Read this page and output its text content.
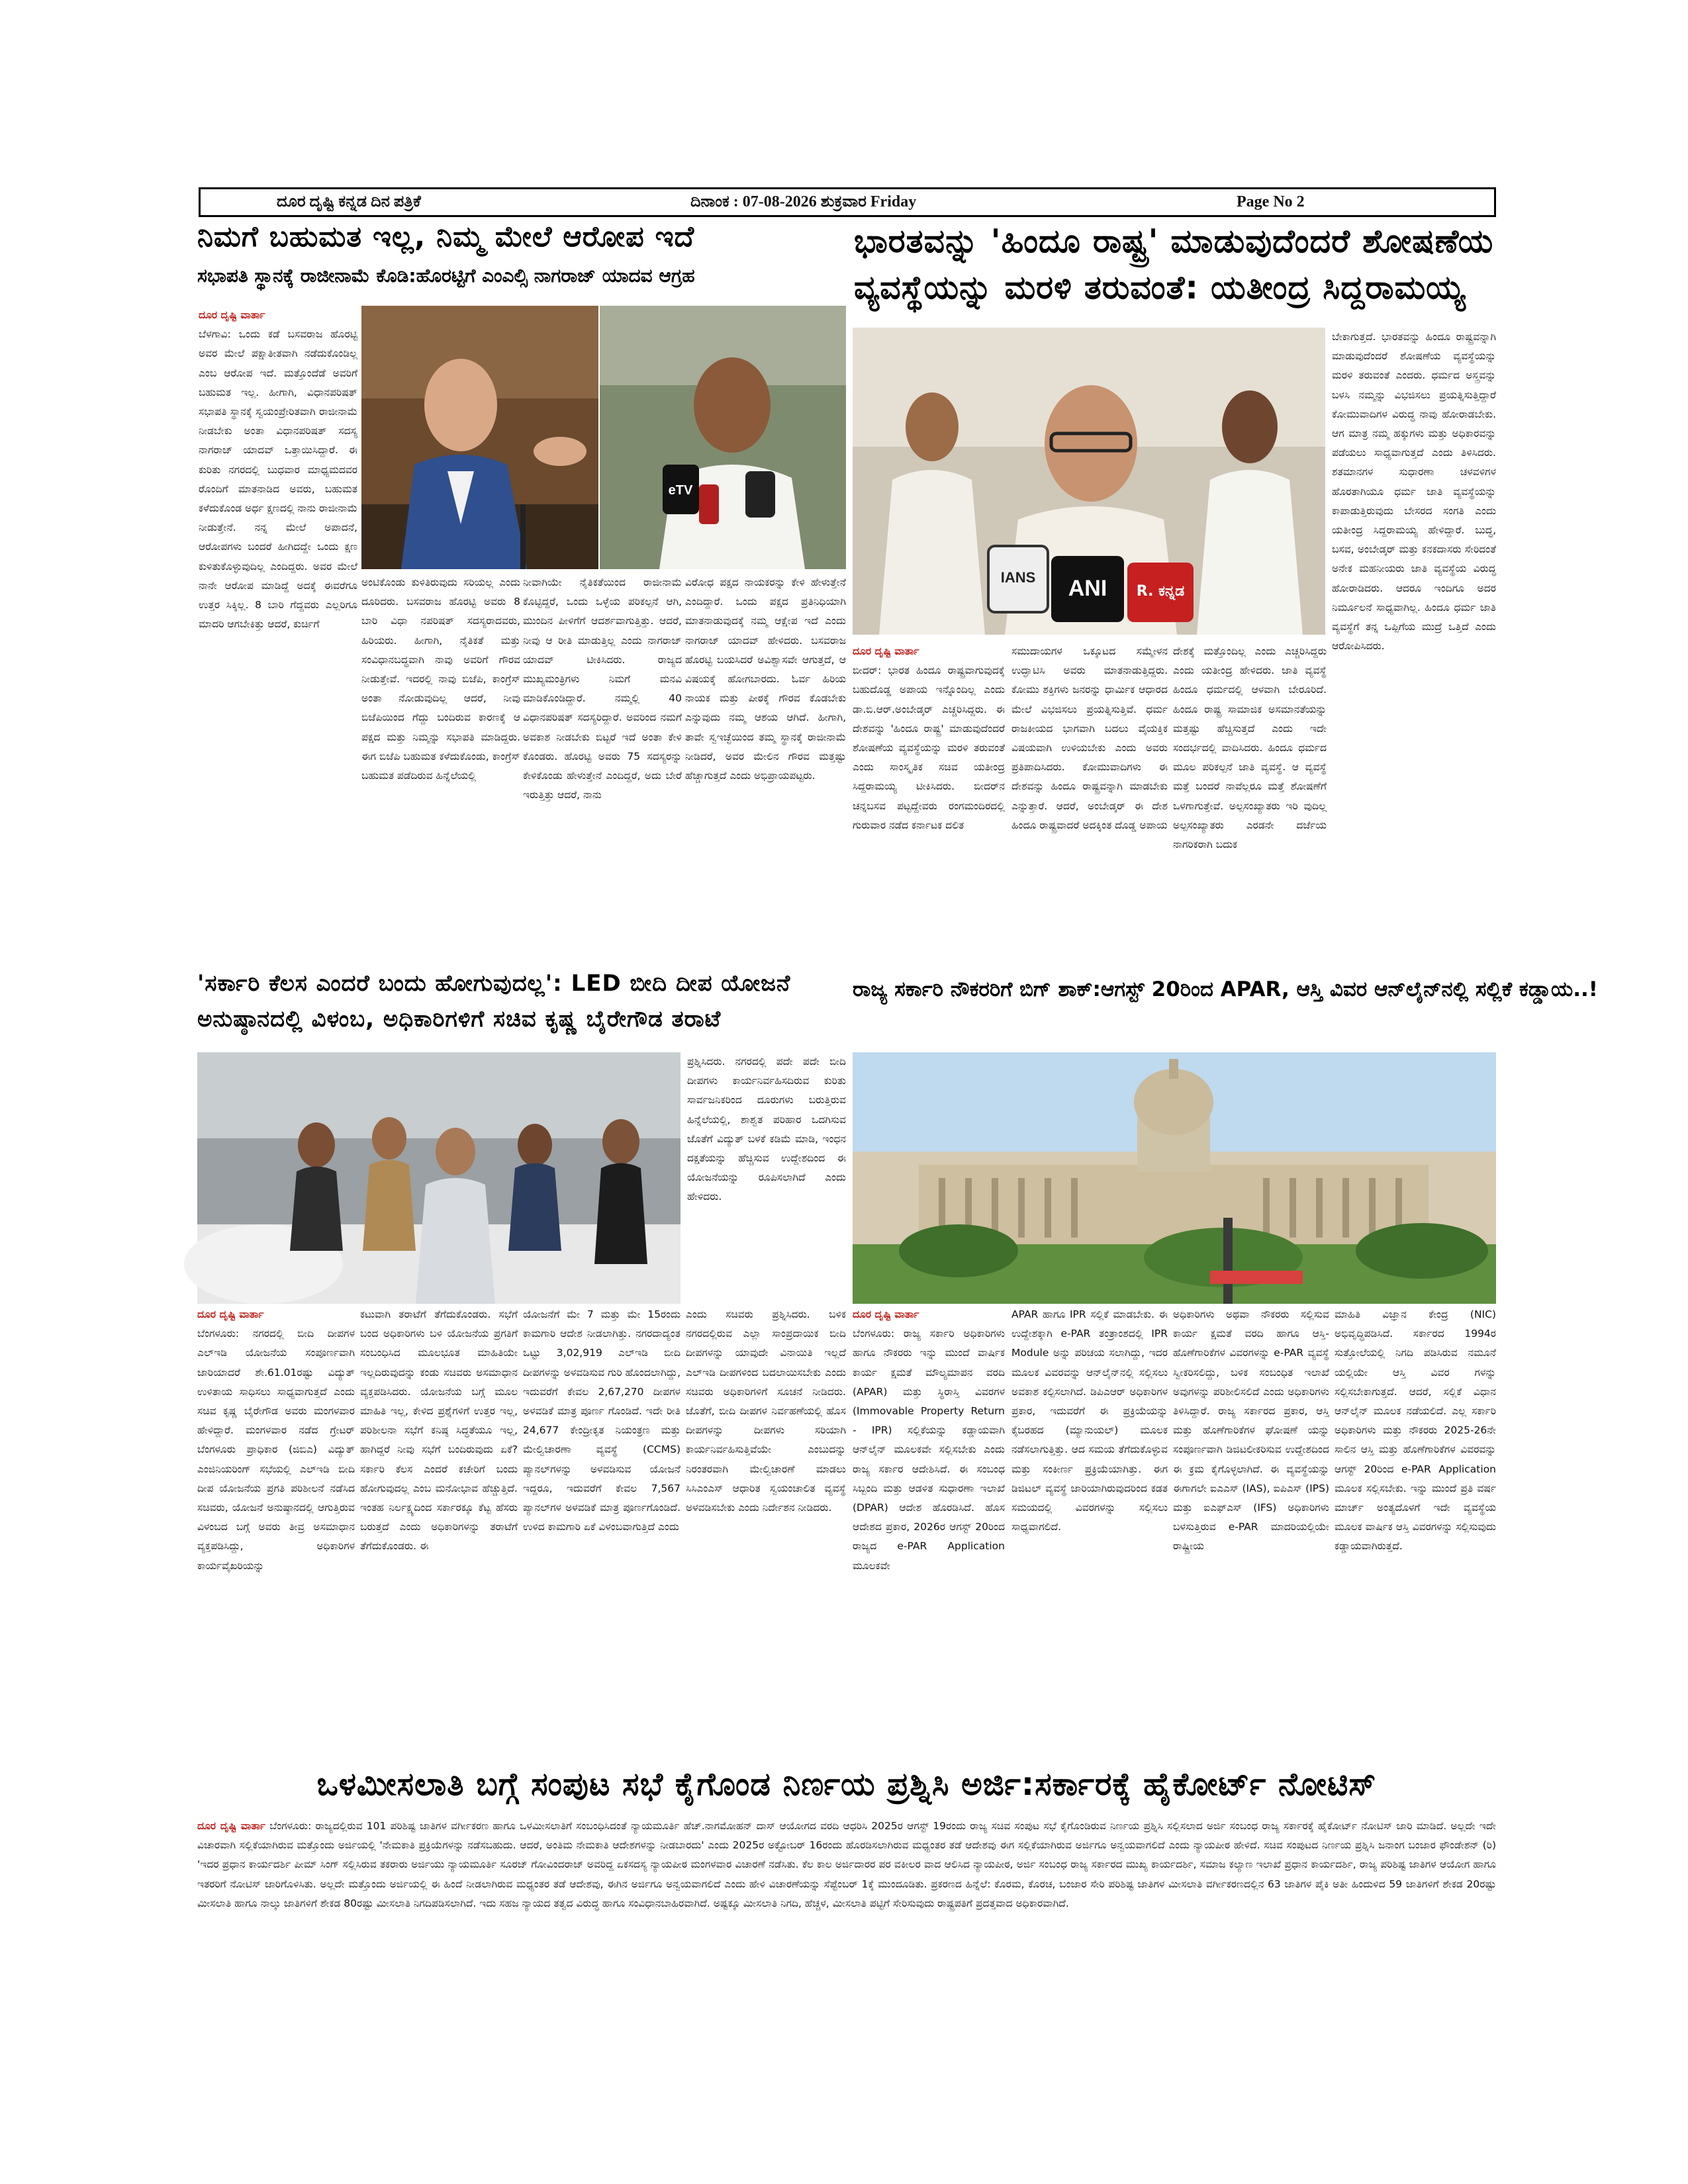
ದೂರ ದೃಷ್ಟಿ ಕನ್ನಡ ದಿನ ಪತ್ರಿಕೆ	ದಿನಾಂಕ : 07-08-2026 ಶುಕ್ರವಾರ Friday	Page No 2
ನಿಮಗೆ ಬಹುಮತ ಇಲ್ಲ, ನಿಮ್ಮ ಮೇಲೆ ಆರೋಪ ಇದೆ
ಸಭಾಪತಿ ಸ್ಥಾನಕ್ಕೆ ರಾಜೀನಾಮೆ ಕೊಡಿ:ಹೊರಟ್ಟಿಗೆ ಎಂಎಲ್ಸಿ ನಾಗರಾಜ್ ಯಾದವ ಆಗ್ರಹ
ದೂರ ದೃಷ್ಟಿ ವಾರ್ತಾ
ಬೆಳಗಾವಿ: ಒಂದು ಕಡೆ ಬಸವರಾಜ ಹೊರಟ್ಟಿ ಅವರ ಮೇಲೆ ಪಕ್ಷಾತೀತವಾಗಿ ನಡೆದುಕೊಂಡಿಲ್ಲ ಎಂಬ ಆರೋಪ ಇದೆ. ಮತ್ತೊಂದೆಡೆ ಅವರಿಗೆ ಬಹುಮತ ಇಲ್ಲ. ಹೀಗಾಗಿ, ವಿಧಾನಪರಿಷತ್ ಸಭಾಪತಿ ಸ್ಥಾನಕ್ಕೆ ಸ್ವಯಂಪ್ರೇರಿತವಾಗಿ ರಾಜೀನಾಮೆ ನೀಡಬೇಕು ಅಂತಾ ವಿಧಾನಪರಿಷತ್ ಸದಸ್ಯ ನಾಗರಾಜ್ ಯಾದವ್ ಒತ್ತಾಯಿಸಿದ್ದಾರೆ. ಈ ಕುರಿತು ನಗರದಲ್ಲಿ ಬುಧವಾರ ಮಾಧ್ಯಮದವರ ರೊಂದಿಗೆ ಮಾತನಾಡಿದ ಅವರು, ಬಹುಮತ ಕಳೆದುಕೊಂಡ ಅರ್ಧ ಕ್ಷಣದಲ್ಲಿ ನಾನು ರಾಜೀನಾಮೆ ನೀಡುತ್ತೇನೆ. ನನ್ನ ಮೇಲೆ ಅಪಾದನೆ, ಆರೋಪಗಳು ಬಂದರೆ ಹೀಗಿದದ್ದೇ ಒಂದು ಕ್ಷಣ ಕುಳಿತುಕೊಳ್ಳುವುದಿಲ್ಲ ಎಂದಿದ್ದರು. ಅವರ ಮೇಲೆ ನಾನೇ ಆರೋಪ ಮಾಡಿದ್ದೆ ಅದಕ್ಕೆ ಈವರೆಗೂ ಉತ್ತರ ಸಿಕ್ಕಿಲ್ಲ. 8 ಬಾರಿ ಗೆದ್ದವರು ಎಲ್ಲರಿಗೂ ಮಾದರಿ ಆಗಬೇಕಿತ್ತು ಆದರೆ, ಕುರ್ಚಿಗೆ
eTV
ಅಂಟಿಕೊಂಡು ಕುಳಿತಿರುವುದು ಸರಿಯಲ್ಲ ಎಂದು ದೂರಿದರು. ಬಸವರಾಜ ಹೊರಟ್ಟಿ ಅವರು 8 ಬಾರಿ ವಿಧಾ ನಪರಿಷತ್ ಸದಸ್ಯರಾದವರು, ಹಿರಿಯರು. ಹೀಗಾಗಿ, ನೈತಿಕತೆ ಮತ್ತು ಸಂವಿಧಾನಬದ್ಧವಾಗಿ ನಾವು ಅವರಿಗೆ ಗೌರವ ನೀಡುತ್ತೇವೆ. ಇದರಲ್ಲಿ ನಾವು ಬಿಜೆಪಿ, ಕಾಂಗ್ರೆಸ್ ಅಂತಾ ನೋಡುವುದಿಲ್ಲ ಆದರೆ, ನೀವು ಬಿಜೆಪಿಯಿಂದ ಗೆದ್ದು ಬಂದಿರುವ ಕಾರಣಕ್ಕೆ ಆ ಪಕ್ಷದ ಮತ್ತು ನಿಮ್ಮನ್ನು ಸಭಾಪತಿ ಮಾಡಿದ್ದರು. ಈಗ ಬಿಜೆಪಿ ಬಹುಮತ ಕಳೆದುಕೊಂಡು, ಕಾಂಗ್ರೆಸ್ ಬಹುಮತ ಪಡೆದಿರುವ ಹಿನ್ನೆಲೆಯಲ್ಲಿ
ನೀವಾಗಿಯೇ ನೈತಿಕತೆಯಿಂದ ರಾಜೀನಾಮೆ ಕೊಟ್ಟಿದ್ದರೆ, ಒಂದು ಒಳ್ಳೆಯ ಪರಿಕಲ್ಪನೆ ಆಗಿ, ಮುಂದಿನ ಪೀಳಿಗೆಗೆ ಆದರ್ಶವಾಗುತ್ತಿತ್ತು. ಆದರೆ, ನೀವು ಆ ರೀತಿ ಮಾಡುತ್ತಿಲ್ಲ ಎಂದು ನಾಗರಾಜ್ ಯಾದವ್ ಟೀಕಿಸಿದರು. ರಾಜ್ಯದ ಮುಖ್ಯಮಂತ್ರಿಗಳು ನಿಮಗೆ ಮನವಿ ಮಾಡಿಕೊಂಡಿದ್ದಾರೆ. ನಮ್ಮಲ್ಲಿ 40 ವಿಧಾನಪರಿಷತ್ ಸದಸ್ಯರಿದ್ದಾರೆ. ಅವರಿಂದ ನಮಗೆ ಅವಕಾಶ ನೀಡಬೇಕು ಬಿಟ್ಟರೆ ಇದೆ ಅಂತಾ ಕೇಳಿ ಕೊಂಡರು. ಹೊರಟ್ಟಿ ಅವರು 75 ಸದಸ್ಯರನ್ನು ಕೇಳಿಕೊಂಡು ಹೇಳುತ್ತೇನೆ ಎಂದಿದ್ದರೆ, ಅದು ಬೇರೆ ಇರುತ್ತಿತ್ತು ಆದರೆ, ನಾನು
ವಿರೋಧ ಪಕ್ಷದ ನಾಯಕರನ್ನು ಕೇಳಿ ಹೇಳುತ್ತೇನೆ ಎಂದಿದ್ದಾರೆ. ಒಂದು ಪಕ್ಷದ ಪ್ರತಿನಿಧಿಯಾಗಿ ಮಾತನಾಡುವುದಕ್ಕೆ ನಮ್ಮ ಆಕ್ಷೇಪ ಇದೆ ಎಂದು ನಾಗರಾಜ್ ಯಾದವ್ ಹೇಳಿದರು. ಬಸವರಾಜ ಹೊರಟ್ಟಿ ಬಯಸಿದರೆ ಅವಿಶ್ವಾಸವೇ ಆಗುತ್ತದೆ, ಆ ವಿಷಯಕ್ಕೆ ಹೋಗಬಾರದು. ಓರ್ವ ಹಿರಿಯ ನಾಯಕ ಮತ್ತು ಪೀಠಕ್ಕೆ ಗೌರವ ಕೊಡಬೇಕು ಎನ್ನುವುದು ನಮ್ಮ ಆಶಯ ಆಗಿದೆ. ಹೀಗಾಗಿ, ತಾವೇ ಸ್ವಇಚ್ಛೆಯಿಂದ ತಮ್ಮ ಸ್ಥಾನಕ್ಕೆ ರಾಜೀನಾಮೆ ನೀಡಿದರೆ, ಅವರ ಮೇಲಿನ ಗೌರವ ಮತ್ತಷ್ಟು ಹೆಚ್ಚಾಗುತ್ತದೆ ಎಂದು ಅಭಿಪ್ರಾಯಪಟ್ಟರು.
ಭಾರತವನ್ನು 'ಹಿಂದೂ ರಾಷ್ಟ್ರ' ಮಾಡುವುದೆಂದರೆ ಶೋಷಣೆಯ
ವ್ಯವಸ್ಥೆಯನ್ನು ಮರಳಿ ತರುವಂತೆ: ಯತೀಂದ್ರ ಸಿದ್ದರಾಮಯ್ಯ
IANS ANI R. ಕನ್ನಡ
ಬೇಕಾಗುತ್ತದೆ. ಭಾರತವನ್ನು ಹಿಂದೂ ರಾಷ್ಟ್ರವನ್ನಾಗಿ ಮಾಡುವುದೆಂದರೆ ಶೋಷಣೆಯ ವ್ಯವಸ್ಥೆಯನ್ನು ಮರಳಿ ತರುವಂತೆ ಎಂದರು. ಧರ್ಮದ ಅಸ್ತ್ರವನ್ನು ಬಳಸಿ ನಮ್ಮನ್ನು ವಿಭಜಿಸಲು ಪ್ರಯತ್ನಿಸುತ್ತಿದ್ದಾರೆ ಕೋಮುವಾದಿಗಳ ವಿರುದ್ಧ ನಾವು ಹೋರಾಡಬೇಕು. ಆಗ ಮಾತ್ರ ನಮ್ಮ ಹಕ್ಕುಗಳು ಮತ್ತು ಅಧಿಕಾರವನ್ನು ಪಡೆಯಲು ಸಾಧ್ಯವಾಗುತ್ತದೆ ಎಂದು ತಿಳಿಸಿದರು. ಶತಮಾನಗಳ ಸುಧಾರಣಾ ಚಳವಳಿಗಳ ಹೊರತಾಗಿಯೂ ಧರ್ಮ ಜಾತಿ ವ್ಯವಸ್ಥೆಯನ್ನು ಕಾಪಾಡುತ್ತಿರುವುದು ಬೇಸರದ ಸಂಗತಿ ಎಂದು ಯತೀಂದ್ರ ಸಿದ್ದರಾಮಯ್ಯ ಹೇಳಿದ್ದಾರೆ. ಬುದ್ಧ, ಬಸವ, ಅಂಬೇಡ್ಕರ್ ಮತ್ತು ಕನಕದಾಸರು ಸೇರಿದಂತೆ ಅನೇಕ ಮಹನೀಯರು ಜಾತಿ ವ್ಯವಸ್ಥೆಯ ವಿರುದ್ಧ ಹೋರಾಡಿದರು. ಆದರೂ ಇಂದಿಗೂ ಅದರ ನಿರ್ಮೂಲನೆ ಸಾಧ್ಯವಾಗಿಲ್ಲ. ಹಿಂದೂ ಧರ್ಮ ಜಾತಿ ವ್ಯವಸ್ಥೆಗೆ ತನ್ನ ಒಪ್ಪಿಗೆಯ ಮುದ್ರೆ ಒತ್ತಿದೆ ಎಂದು ಆರೋಪಿಸಿದರು.
ದೂರ ದೃಷ್ಟಿ ವಾರ್ತಾ
ಬೀದರ್: ಭಾರತ ಹಿಂದೂ ರಾಷ್ಟ್ರವಾಗುವುದಕ್ಕೆ ಬಹುದೊಡ್ಡ ಅಪಾಯ ಇನ್ನೊಂದಿಲ್ಲ ಎಂದು ಡಾ.ಬಿ.ಆರ್.ಅಂಬೇಡ್ಕರ್ ಎಚ್ಚರಿಸಿದ್ದರು. ಈ ದೇಶವನ್ನು 'ಹಿಂದೂ ರಾಷ್ಟ್ರ' ಮಾಡುವುದೆಂದರೆ ಶೋಷಣೆಯ ವ್ಯವಸ್ಥೆಯನ್ನು ಮರಳಿ ತರುವಂತೆ ಎಂದು ಸಾಂಸ್ಕೃತಿಕ ಸಚಿವ ಯತೀಂದ್ರ ಸಿದ್ದರಾಮಯ್ಯ ಟೀಕಿಸಿದರು. ಬೀದರ್‌ನ ಚನ್ನಬಸವ ಪಟ್ಟದ್ದೇವರು ರಂಗಮಂದಿರದಲ್ಲಿ ಗುರುವಾರ ನಡೆದ ಕರ್ನಾಟಕ ದಲಿತ
ಸಮುದಾಯಗಳ ಒಕ್ಕೂಟದ ಸಮ್ಮೇಳನ ಉದ್ಘಾಟಿಸಿ ಅವರು ಮಾತನಾಡುತ್ತಿದ್ದರು. ಕೋಮು ಶಕ್ತಿಗಳು ಜನರನ್ನು ಧಾರ್ಮಿಕ ಆಧಾರದ ಮೇಲೆ ವಿಭಜಿಸಲು ಪ್ರಯತ್ನಿಸುತ್ತಿವೆ. ಧರ್ಮ ರಾಜಕೀಯದ ಭಾಗವಾಗಿ ಬದಲು ವೈಯಕ್ತಿಕ ವಿಷಯವಾಗಿ ಉಳಿಯಬೇಕು ಎಂದು ಅವರು ಪ್ರತಿಪಾದಿಸಿದರು. ಕೋಮುವಾದಿಗಳು ಈ ದೇಶವನ್ನು ಹಿಂದೂ ರಾಷ್ಟ್ರವನ್ನಾಗಿ ಮಾಡಬೇಕು ಎನ್ನುತ್ತಾರೆ. ಆದರೆ, ಅಂಬೇಡ್ಕರ್ ಈ ದೇಶ ಹಿಂದೂ ರಾಷ್ಟ್ರವಾದರೆ ಅದಕ್ಕಿಂತ ದೊಡ್ಡ ಅಪಾಯ
ದೇಶಕ್ಕೆ ಮತ್ತೊಂದಿಲ್ಲ ಎಂದು ಎಚ್ಚರಿಸಿದ್ದರು ಎಂದು ಯತೀಂದ್ರ ಹೇಳಿದರು. ಜಾತಿ ವ್ಯವಸ್ಥೆ ಹಿಂದೂ ಧರ್ಮದಲ್ಲಿ ಆಳವಾಗಿ ಬೇರೂರಿದೆ. ಹಿಂದೂ ರಾಷ್ಟ್ರ ಸಾಮಾಜಿಕ ಅಸಮಾನತೆಯನ್ನು ಮತ್ತಷ್ಟು ಹೆಚ್ಚಿಸುತ್ತದೆ ಎಂದು ಇದೇ ಸಂದರ್ಭದಲ್ಲಿ ವಾದಿಸಿದರು. ಹಿಂದೂ ಧರ್ಮದ ಮೂಲ ಪರಿಕಲ್ಪನೆ ಜಾತಿ ವ್ಯವಸ್ಥೆ. ಆ ವ್ಯವಸ್ಥೆ ಮತ್ತೆ ಬಂದರೆ ನಾವೆಲ್ಲರೂ ಮತ್ತೆ ಶೋಷಣೆಗೆ ಒಳಗಾಗುತ್ತೇವೆ. ಅಲ್ಪಸಂಖ್ಯಾತರು ಇರಿ ವುದಿಲ್ಲ ಅಲ್ಪಸಂಖ್ಯಾತರು ಎರಡನೇ ದರ್ಜೆಯ ನಾಗರಿಕರಾಗಿ ಬದುಕ
'ಸರ್ಕಾರಿ ಕೆಲಸ ಎಂದರೆ ಬಂದು ಹೋಗುವುದಲ್ಲ': LED ಬೀದಿ ದೀಪ ಯೋಜನೆ
ಅನುಷ್ಠಾನದಲ್ಲಿ ವಿಳಂಬ, ಅಧಿಕಾರಿಗಳಿಗೆ ಸಚಿವ ಕೃಷ್ಣ ಬೈರೇಗೌಡ ತರಾಟೆ
ಪ್ರಶ್ನಿಸಿದರು. ನಗರದಲ್ಲಿ ಪದೇ ಪದೇ ಬೀದಿ ದೀಪಗಳು ಕಾರ್ಯನಿರ್ವಹಿಸದಿರುವ ಕುರಿತು ಸಾರ್ವಜನಿಕರಿಂದ ದೂರುಗಳು ಬರುತ್ತಿರುವ ಹಿನ್ನೆಲೆಯಲ್ಲಿ, ಶಾಶ್ವತ ಪರಿಹಾರ ಒದಗಿಸುವ ಜೊತೆಗೆ ವಿದ್ಯುತ್ ಬಳಕೆ ಕಡಿಮೆ ಮಾಡಿ, ಇಂಧನ ದಕ್ಷತೆಯನ್ನು ಹೆಚ್ಚಿಸುವ ಉದ್ದೇಶದಿಂದ ಈ ಯೋಜನೆಯನ್ನು ರೂಪಿಸಲಾಗಿದೆ ಎಂದು ಹೇಳಿದರು.
ದೂರ ದೃಷ್ಟಿ ವಾರ್ತಾ
ಬೆಂಗಳೂರು: ನಗರದಲ್ಲಿ ಬೀದಿ ದೀಪಗಳ ಎಲ್‌ಇಡಿ ಯೋಜನೆಯ ಸಂಪೂರ್ಣವಾಗಿ ಜಾರಿಯಾದರೆ ಶೇ.61.01ರಷ್ಟು ವಿದ್ಯುತ್ ಉಳಿತಾಯ ಸಾಧಿಸಲು ಸಾಧ್ಯವಾಗುತ್ತದೆ ಎಂದು ಸಚಿವ ಕೃಷ್ಣ ಬೈರೇಗೌಡ ಅವರು ಮಂಗಳವಾರ ಹೇಳಿದ್ದಾರೆ. ಮಂಗಳವಾರ ನಡೆದ ಗ್ರೇಟರ್ ಬೆಂಗಳೂರು ಪ್ರಾಧಿಕಾರ (ಜಿಬಿಎ) ವಿದ್ಯುತ್ ಎಂಜಿನಿಯರಿಂಗ್ ಸಭೆಯಲ್ಲಿ ಎಲ್‌ಇಡಿ ಬೀದಿ ದೀಪ ಯೋಜನೆಯ ಪ್ರಗತಿ ಪರಿಶೀಲನೆ ನಡೆಸಿದ ಸಚಿವರು, ಯೋಜನೆ ಅನುಷ್ಠಾನದಲ್ಲಿ ಆಗುತ್ತಿರುವ ವಿಳಂಬದ ಬಗ್ಗೆ ಅವರು ತೀವ್ರ ಅಸಮಾಧಾನ ವ್ಯಕ್ತಪಡಿಸಿದ್ದು, ಅಧಿಕಾರಿಗಳ ಕಾರ್ಯವೈಖರಿಯನ್ನು
ಕಟುವಾಗಿ ತರಾಟೆಗೆ ತೆಗೆದುಕೊಂಡರು. ಸಭೆಗೆ ಬಂದ ಅಧಿಕಾರಿಗಳು ಬಳಿ ಯೋಜನೆಯ ಪ್ರಗತಿಗೆ ಸಂಬಂಧಿಸಿದ ಮೂಲಭೂತ ಮಾಹಿತಿಯೇ ಇಲ್ಲದಿರುವುದನ್ನು ಕಂಡು ಸಚಿವರು ಅಸಮಾಧಾನ ವ್ಯಕ್ತಪಡಿಸಿದರು. ಯೋಜನೆಯ ಬಗ್ಗೆ ಮೂಲ ಮಾಹಿತಿ ಇಲ್ಲ, ಕೇಳಿದ ಪ್ರಶ್ನೆಗಳಿಗೆ ಉತ್ತರ ಇಲ್ಲ, ಪರಿಶೀಲನಾ ಸಭೆಗೆ ಕನಿಷ್ಠ ಸಿದ್ಧತೆಯೂ ಇಲ್ಲ, ಹಾಗಿದ್ದರೆ ನೀವು ಸಭೆಗೆ ಬಂದಿರುವುದು ಏಕೆ? ಸರ್ಕಾರಿ ಕೆಲಸ ಎಂದರೆ ಕಚೇರಿಗೆ ಬಂದು ಹೋಗುವುದಲ್ಲ ಎಂಬ ಮನೋಭಾವ ಹೆಚ್ಚುತ್ತಿದೆ. ಇಂತಹ ನಿರ್ಲಕ್ಷ್ಯದಿಂದ ಸರ್ಕಾರಕ್ಕೂ ಕೆಟ್ಟ ಹೆಸರು ಬರುತ್ತದೆ ಎಂದು ಅಧಿಕಾರಿಗಳನ್ನು ತರಾಟೆಗೆ ತೆಗೆದುಕೊಂಡರು. ಈ
ಯೋಜನೆಗೆ ಮೇ 7 ಮತ್ತು ಮೇ 15ರಂದು ಕಾಮಗಾರಿ ಆದೇಶ ನೀಡಲಾಗಿತ್ತು. ನಗರದಾದ್ಯಂತ ಒಟ್ಟು 3,02,919 ಎಲ್‌ಇಡಿ ಬೀದಿ ದೀಪಗಳನ್ನು ಅಳವಡಿಸುವ ಗುರಿ ಹೊಂದಲಾಗಿದ್ದು, ಇದುವರೆಗೆ ಕೇವಲ 2,67,270 ದೀಪಗಳ ಅಳವಡಿಕೆ ಮಾತ್ರ ಪೂರ್ಣ ಗೊಂಡಿದೆ. ಇದೇ ರೀತಿ 24,677 ಕೇಂದ್ರೀಕೃತ ನಿಯಂತ್ರಣ ಮತ್ತು ಮೇಲ್ವಿಚಾರಣಾ ವ್ಯವಸ್ಥೆ (CCMS) ಪ್ಯಾನಲ್‌ಗಳನ್ನು ಅಳವಡಿಸುವ ಯೋಜನೆ ಇದ್ದರೂ, ಇದುವರೆಗೆ ಕೇವಲ 7,567 ಪ್ಯಾನಲ್‌ಗಳ ಅಳವಡಿಕೆ ಮಾತ್ರ ಪೂರ್ಣಗೊಂಡಿದೆ. ಉಳಿದ ಕಾಮಗಾರಿ ಏಕೆ ವಿಳಂಬವಾಗುತ್ತಿದೆ ಎಂದು
ಎಂದು ಸಚಿವರು ಪ್ರಶ್ನಿಸಿದರು. ಬಳಿಕ ನಗರದಲ್ಲಿರುವ ಎಲ್ಲಾ ಸಾಂಪ್ರದಾಯಿಕ ಬೀದಿ ದೀಪಗಳನ್ನು ಯಾವುದೇ ವಿನಾಯಿತಿ ಇಲ್ಲದೆ ಎಲ್‌ಇಡಿ ದೀಪಗಳಿಂದ ಬದಲಾಯಿಸಬೇಕು ಎಂದು ಸಚಿವರು ಅಧಿಕಾರಿಗಳಿಗೆ ಸೂಚನೆ ನೀಡಿದರು. ಜೊತೆಗೆ, ಬೀದಿ ದೀಪಗಳ ನಿರ್ವಹಣೆಯಲ್ಲಿ ಹೊಸ ದೀಪಗಳನ್ನು ದೀಪಗಳು ಸರಿಯಾಗಿ ಕಾರ್ಯನಿರ್ವಹಿಸುತ್ತಿವೆಯೇ ಎಂಬುದನ್ನು ನಿರಂತರವಾಗಿ ಮೇಲ್ವಿಚಾರಣೆ ಮಾಡಲು ಸಿಸಿಎಂಎಸ್ ಆಧಾರಿತ ಸ್ವಯಂಚಾಲಿತ ವ್ಯವಸ್ಥೆ ಅಳವಡಿಸಬೇಕು ಎಂದು ನಿರ್ದೇಶನ ನೀಡಿದರು.
ರಾಜ್ಯ ಸರ್ಕಾರಿ ನೌಕರರಿಗೆ ಬಿಗ್ ಶಾಕ್:ಆಗಸ್ಟ್ 20ರಿಂದ APAR, ಆಸ್ತಿ ವಿವರ ಆನ್‌ಲೈನ್‌ನಲ್ಲಿ ಸಲ್ಲಿಕೆ ಕಡ್ಡಾಯ..!
ದೂರ ದೃಷ್ಟಿ ವಾರ್ತಾ
ಬೆಂಗಳೂರು: ರಾಜ್ಯ ಸರ್ಕಾರಿ ಅಧಿಕಾರಿಗಳು ಹಾಗೂ ನೌಕರರು ಇನ್ನು ಮುಂದೆ ವಾರ್ಷಿಕ ಕಾರ್ಯ ಕ್ಷಮತೆ ಮೌಲ್ಯಮಾಪನ ವರದಿ (APAR) ಮತ್ತು ಸ್ಥಿರಾಸ್ತಿ ವಿವರಗಳ (Immovable Property Return - IPR) ಸಲ್ಲಿಕೆಯನ್ನು ಕಡ್ಡಾಯವಾಗಿ ಆನ್‌ಲೈನ್ ಮೂಲಕವೇ ಸಲ್ಲಿಸಬೇಕು ಎಂದು ರಾಜ್ಯ ಸರ್ಕಾರ ಆದೇಶಿಸಿದೆ. ಈ ಸಂಬಂಧ ಸಿಬ್ಬಂದಿ ಮತ್ತು ಆಡಳಿತ ಸುಧಾರಣಾ ಇಲಾಖೆ (DPAR) ಆದೇಶ ಹೊರಡಿಸಿದೆ. ಹೊಸ ಆದೇಶದ ಪ್ರಕಾರ, 2026ರ ಆಗಸ್ಟ್ 20ರಿಂದ ರಾಜ್ಯದ e-PAR Application ಮೂಲಕವೇ
APAR ಹಾಗೂ IPR ಸಲ್ಲಿಕೆ ಮಾಡಬೇಕು. ಈ ಉದ್ದೇಶಕ್ಕಾಗಿ e-PAR ತಂತ್ರಾಂಶದಲ್ಲಿ IPR Module ಅನ್ನು ಪರಿಚಯ ಸಲಾಗಿದ್ದು, ಇದರ ಮೂಲಕ ವಿವರವನ್ನು ಆನ್‌ಲೈನ್‌ನಲ್ಲಿ ಸಲ್ಲಿಸಲು ಅವಕಾಶ ಕಲ್ಪಿಸಲಾಗಿದೆ. ಡಿಪಿಎಆರ್ ಅಧಿಕಾರಿಗಳ ಪ್ರಕಾರ, ಇದುವರೆಗೆ ಈ ಪ್ರಕ್ರಿಯೆಯನ್ನು ಕೈಬರಹದ (ಮ್ಯಾನುಯಲ್) ಮೂಲಕ ನಡೆಸಲಾಗುತ್ತಿತ್ತು. ಆದ ಸಮಯ ತೆಗೆದುಕೊಳ್ಳುವ ಮತ್ತು ಸಂಕೀರ್ಣ ಪ್ರಕ್ರಿಯೆಯಾಗಿತ್ತು. ಈಗ ಡಿಜಿಟಲ್ ವ್ಯವಸ್ಥೆ ಜಾರಿಯಾಗಿರುವುದರಿಂದ ಕಡತ ಸಮಯದಲ್ಲಿ ವಿವರಗಳನ್ನು ಸಲ್ಲಿಸಲು ಸಾಧ್ಯವಾಗಲಿದೆ.
ಅಧಿಕಾರಿಗಳು ಅಥವಾ ನೌಕರರು ಸಲ್ಲಿಸುವ ಕಾರ್ಯ ಕ್ಷಮತೆ ವರದಿ ಹಾಗೂ ಆಸ್ತಿ-ಹೊಣೆಗಾರಿಕೆಗಳ ವಿವರಗಳನ್ನು e-PAR ವ್ಯವಸ್ಥೆ ಸ್ವೀಕರಿಸಲಿದ್ದು, ಬಳಿಕ ಸಂಬಂಧಿತ ಇಲಾಖೆ ಅವುಗಳನ್ನು ಪರಿಶೀಲಿಸಲಿದೆ ಎಂದು ಅಧಿಕಾರಿಗಳು ತಿಳಿಸಿದ್ದಾರೆ. ರಾಜ್ಯ ಸರ್ಕಾರದ ಪ್ರಕಾರ, ಆಸ್ತಿ ಮತ್ತು ಹೊಣೆಗಾರಿಕೆಗಳ ಘೋಷಣೆ ಯನ್ನು ಸಂಪೂರ್ಣವಾಗಿ ಡಿಜಿಟಲೀಕರಿಸುವ ಉದ್ದೇಶದಿಂದ ಈ ಕ್ರಮ ಕೈಗೊಳ್ಳಲಾಗಿದೆ. ಈ ವ್ಯವಸ್ಥೆಯನ್ನು ಈಗಾಗಲೇ ಐಎಎಸ್ (IAS), ಐಪಿಎಸ್ (IPS) ಮತ್ತು ಐಎಫ್ಎಸ್ (IFS) ಅಧಿಕಾರಿಗಳು ಬಳಸುತ್ತಿರುವ e-PAR ಮಾದರಿಯಲ್ಲಿಯೇ ರಾಷ್ಟ್ರೀಯ
ಮಾಹಿತಿ ವಿಜ್ಞಾನ ಕೇಂದ್ರ (NIC) ಅಭಿವೃದ್ಧಿಪಡಿಸಿದೆ. ಸರ್ಕಾರದ 1994ರ ಸುತ್ತೋಲೆಯಲ್ಲಿ ನಿಗದಿ ಪಡಿಸಿರುವ ನಮೂನೆ ಯಲ್ಲಿಯೇ ಆಸ್ತಿ ವಿವರ ಗಳನ್ನು ಸಲ್ಲಿಸಬೇಕಾಗುತ್ತದೆ. ಆದರೆ, ಸಲ್ಲಿಕೆ ವಿಧಾನ ಆನ್‌ಲೈನ್ ಮೂಲಕ ನಡೆಯಲಿದೆ. ಎಲ್ಲ ಸರ್ಕಾರಿ ಅಧಿಕಾರಿಗಳು ಮತ್ತು ನೌಕರರು 2025-26ನೇ ಸಾಲಿನ ಆಸ್ತಿ ಮತ್ತು ಹೊಣೆಗಾರಿಕೆಗಳ ವಿವರವನ್ನು ಆಗಸ್ಟ್ 20ರಿಂದ e-PAR Application ಮೂಲಕ ಸಲ್ಲಿಸಬೇಕು. ಇನ್ನು ಮುಂದೆ ಪ್ರತಿ ವರ್ಷ ಮಾರ್ಚ್ ಅಂತ್ಯದೊಳಗೆ ಇದೇ ವ್ಯವಸ್ಥೆಯ ಮೂಲಕ ವಾರ್ಷಿಕ ಆಸ್ತಿ ವಿವರಗಳನ್ನು ಸಲ್ಲಿಸುವುದು ಕಡ್ಡಾಯವಾಗಿರುತ್ತದೆ.
ಒಳಮೀಸಲಾತಿ ಬಗ್ಗೆ ಸಂಪುಟ ಸಭೆ ಕೈಗೊಂಡ ನಿರ್ಣಯ ಪ್ರಶ್ನಿಸಿ ಅರ್ಜಿ:ಸರ್ಕಾರಕ್ಕೆ ಹೈಕೋರ್ಟ್ ನೋಟಿಸ್
ದೂರ ದೃಷ್ಟಿ ವಾರ್ತಾ ಬೆಂಗಳೂರು: ರಾಜ್ಯದಲ್ಲಿರುವ 101 ಪರಿಶಿಷ್ಟ ಜಾತಿಗಳ ವರ್ಗೀಕರಣ ಹಾಗೂ ಒಳಮೀಸಲಾತಿಗೆ ಸಂಬಂಧಿಸಿದಂತೆ ನ್ಯಾಯಮೂರ್ತಿ ಹೆಚ್.ನಾಗಮೋಹನ್ ದಾಸ್ ಆಯೋಗದ ವರದಿ ಆಧರಿಸಿ 2025ರ ಆಗಸ್ಟ್ 19ರಂದು ರಾಜ್ಯ ಸಚಿವ ಸಂಪುಟ ಸಭೆ ಕೈಗೊಂಡಿರುವ ನಿರ್ಣಯ ಪ್ರಶ್ನಿಸಿ ಸಲ್ಲಿಸಲಾದ ಅರ್ಜಿ ಸಂಬಂಧ ರಾಜ್ಯ ಸರ್ಕಾರಕ್ಕೆ ಹೈಕೋರ್ಟ್ ನೋಟಿಸ್ ಜಾರಿ ಮಾಡಿದೆ. ಅಲ್ಲದೇ ಇದೇ ವಿಚಾರವಾಗಿ ಸಲ್ಲಿಕೆಯಾಗಿರುವ ಮತ್ತೊಂದು ಅರ್ಜಿಯಲ್ಲಿ 'ನೇಮಕಾತಿ ಪ್ರಕ್ರಿಯೆಗಳನ್ನು ನಡೆಸಬಹುದು. ಆದರೆ, ಅಂತಿಮ ನೇಮಕಾತಿ ಆದೇಶಗಳನ್ನು ನೀಡಬಾರದು' ಎಂದು 2025ರ ಅಕ್ಟೋಬರ್ 16ರಂದು ಹೊರಡಿಸಲಾಗಿರುವ ಮಧ್ಯಂತರ ತಡೆ ಆದೇಶವು ಈಗ ಸಲ್ಲಿಕೆಯಾಗಿರುವ ಅರ್ಜಿಗೂ ಅನ್ವಯವಾಗಲಿದೆ ಎಂದು ನ್ಯಾಯಪೀಠ ಹೇಳಿದೆ. ಸಚಿವ ಸಂಪುಟದ ನಿರ್ಣಯ ಪ್ರಶ್ನಿಸಿ ಜನಾಂಗ ಬಂಜಾರ ಫೌಂಡೇಶನ್ (ರಿ) 'ಇದರ ಪ್ರಧಾನ ಕಾರ್ಯದರ್ಶಿ ಪೀಮ್ ಸಿಂಗ್ ಸಲ್ಲಿಸಿರುವ ತಕರಾರು ಅರ್ಜಿಯು ನ್ಯಾಯಮೂರ್ತಿ ಸೂರಜ್ ಗೋವಿಂದರಾಜ್ ಅವರಿದ್ದ ಏಕಸದಸ್ಯ ನ್ಯಾಯಪೀಠ ಮಂಗಳವಾರ ವಿಚಾರಣೆ ನಡೆಸಿತು. ಕೆಲ ಕಾಲ ಅರ್ಜಿದಾರರ ಪರ ವಕೀಲರ ವಾದ ಆಲಿಸಿದ ನ್ಯಾಯಪೀಠ, ಅರ್ಜಿ ಸಂಬಂಧ ರಾಜ್ಯ ಸರ್ಕಾರದ ಮುಖ್ಯ ಕಾರ್ಯದರ್ಶಿ, ಸಮಾಜ ಕಲ್ಯಾಣ ಇಲಾಖೆ ಪ್ರಧಾನ ಕಾರ್ಯದರ್ಶಿ, ರಾಜ್ಯ ಪರಿಶಿಷ್ಟ ಜಾತಿಗಳ ಆಯೋಗ ಹಾಗೂ ಇತರರಿಗೆ ನೋಟಿಸ್ ಜಾರಿಗೊಳಿಸಿತು. ಅಲ್ಲದೇ ಮತ್ತೊಂದು ಅರ್ಜಿಯಲ್ಲಿ ಈ ಹಿಂದೆ ನೀಡಲಾಗಿರುವ ಮಧ್ಯಂತರ ತಡೆ ಆದೇಶವು, ಈಗಿನ ಅರ್ಜಿಗೂ ಅನ್ವಯವಾಗಲಿದೆ ಎಂದು ಹೇಳಿ ವಿಚಾರಣೆಯನ್ನು ಸೆಪ್ಟೆಂಬರ್ 1ಕ್ಕೆ ಮುಂದೂಡಿತು. ಪ್ರಕರಣದ ಹಿನ್ನೆಲೆ: ಕೊರಮ, ಕೊರಚ, ಬಂಜಾರ ಸೇರಿ ಪರಿಶಿಷ್ಟ ಜಾತಿಗಳ ಮೀಸಲಾತಿ ವರ್ಗೀಕರಣದಲ್ಲಿನ 63 ಜಾತಿಗಳ ಪೈಕಿ ಅತೀ ಹಿಂದುಳಿದ 59 ಜಾತಿಗಳಿಗೆ ಶೇಕಡ 20ರಷ್ಟು ಮೀಸಲಾತಿ ಹಾಗೂ ನಾಲ್ಕು ಜಾತಿಗಳಿಗೆ ಶೇಕಡ 80ರಷ್ಟು ಮೀಸಲಾತಿ ನಿಗದಿಪಡಿಸಲಾಗಿದೆ. ಇದು ಸಹಜ ನ್ಯಾಯದ ತತ್ವದ ವಿರುದ್ಧ ಹಾಗೂ ಸಂವಿಧಾನಬಾಹಿರವಾಗಿದೆ. ಅಷ್ಟಕ್ಕೂ ಮೀಸಲಾತಿ ನಿಗದಿ, ಹೆಚ್ಚಳ, ಮೀಸಲಾತಿ ಪಟ್ಟಿಗೆ ಸೇರಿಸುವುದು ರಾಷ್ಟ್ರಪತಿಗೆ ಪ್ರದತ್ತವಾದ ಅಧಿಕಾರವಾಗಿದೆ.
